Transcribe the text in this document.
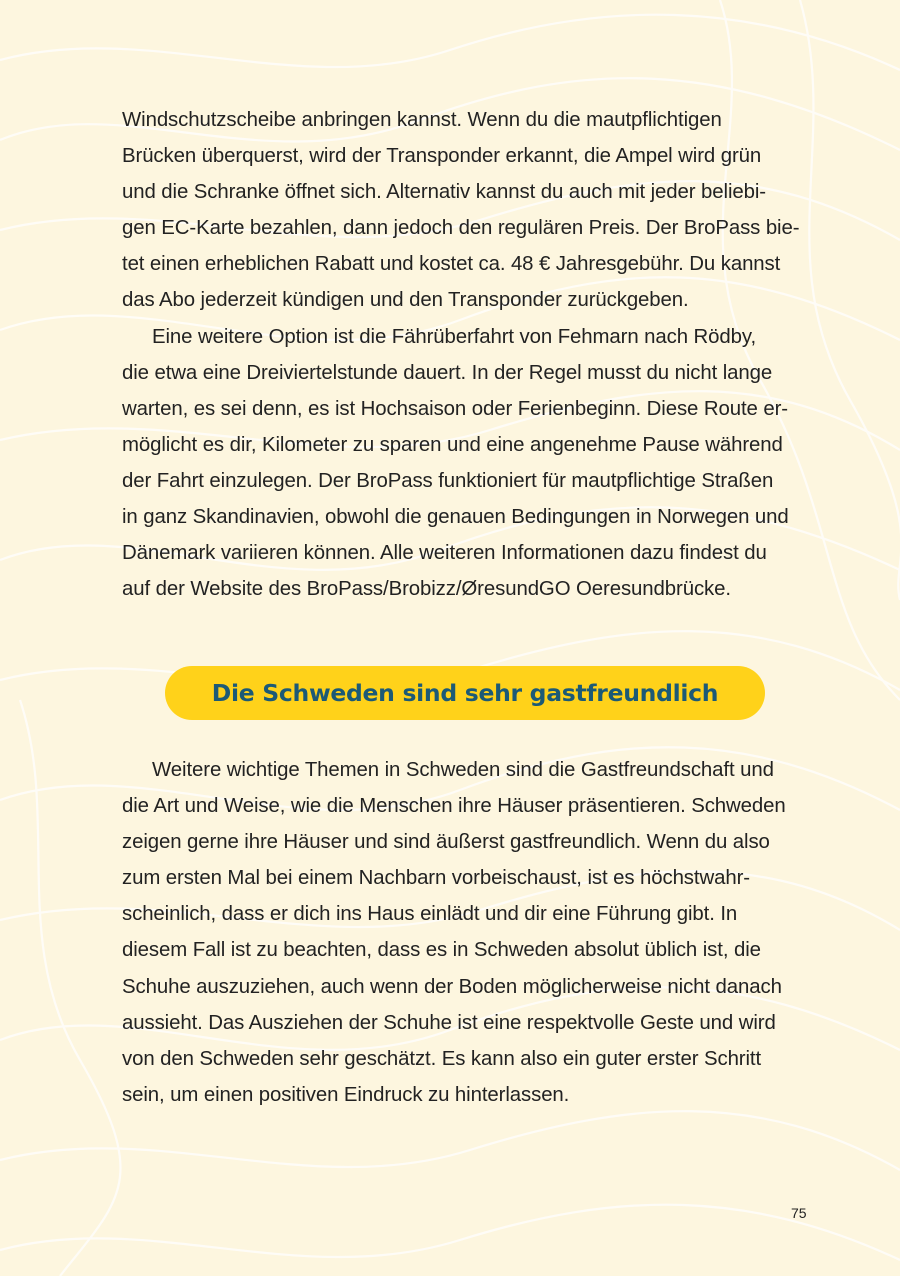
Windschutzscheibe anbringen kannst. Wenn du die mautpflichtigen
Brücken überquerst, wird der Transponder erkannt, die Ampel wird grün
und die Schranke öffnet sich. Alternativ kannst du auch mit jeder beliebi-
gen EC-Karte bezahlen, dann jedoch den regulären Preis. Der BroPass bie-
tet einen erheblichen Rabatt und kostet ca. 48 € Jahresgebühr. Du kannst
das Abo jederzeit kündigen und den Transponder zurückgeben.

Eine weitere Option ist die Fährüberfahrt von Fehmarn nach Rödby,
die etwa eine Dreiviertelstunde dauert. In der Regel musst du nicht lange
warten, es sei denn, es ist Hochsaison oder Ferienbeginn. Diese Route er-
möglicht es dir, Kilometer zu sparen und eine angenehme Pause während
der Fahrt einzulegen. Der BroPass funktioniert für mautpflichtige Straßen
in ganz Skandinavien, obwohl die genauen Bedingungen in Norwegen und
Dänemark variieren können. Alle weiteren Informationen dazu findest du
auf der Website des BroPass/Brobizz/ØresundGO Oeresundbrücke.

Die Schweden sind sehr gastfreundlich

Weitere wichtige Themen in Schweden sind die Gastfreundschaft und
die Art und Weise, wie die Menschen ihre Häuser präsentieren. Schweden
zeigen gerne ihre Häuser und sind äußerst gastfreundlich. Wenn du also
zum ersten Mal bei einem Nachbarn vorbeischaust, ist es höchstwahr-
scheinlich, dass er dich ins Haus einlädt und dir eine Führung gibt. In
diesem Fall ist zu beachten, dass es in Schweden absolut üblich ist, die
Schuhe auszuziehen, auch wenn der Boden möglicherweise nicht danach
aussieht. Das Ausziehen der Schuhe ist eine respektvolle Geste und wird
von den Schweden sehr geschätzt. Es kann also ein guter erster Schritt
sein, um einen positiven Eindruck zu hinterlassen.

75
